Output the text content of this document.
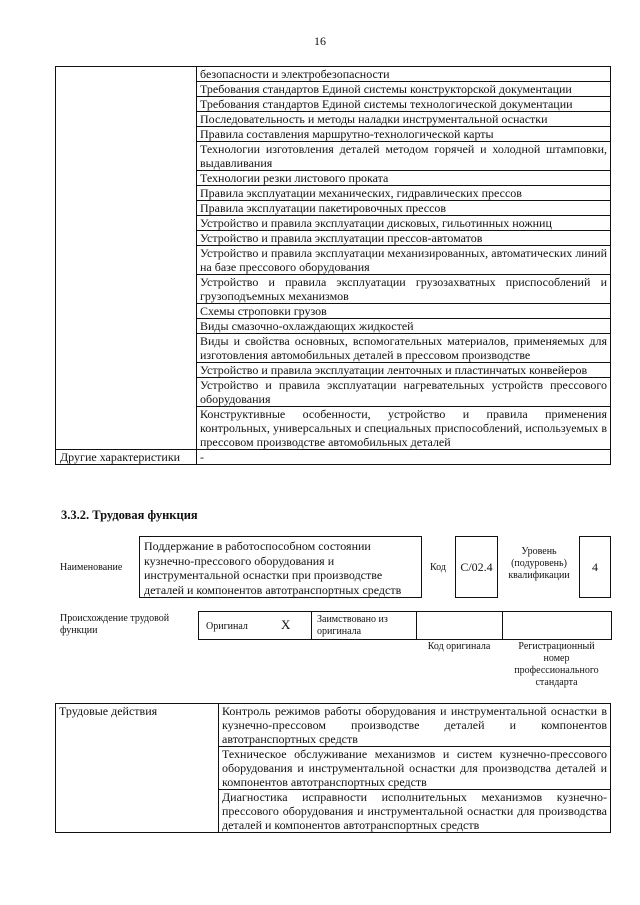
16
	безопасности и электробезопасности
	Требования стандартов Единой системы конструкторской документации
	Требования стандартов Единой системы технологической документации
	Последовательность и методы наладки инструментальной оснастки
	Правила составления маршрутно-технологической карты
	Технологии изготовления деталей методом горячей и холодной штамповки, выдавливания
	Технологии резки листового проката
	Правила эксплуатации механических, гидравлических прессов
	Правила эксплуатации пакетировочных прессов
	Устройство и правила эксплуатации дисковых, гильотинных ножниц
	Устройство и правила эксплуатации прессов-автоматов
	Устройство и правила эксплуатации механизированных, автоматических линий на базе прессового оборудования
	Устройство и правила эксплуатации грузозахватных приспособлений и грузоподъемных механизмов
	Схемы строповки грузов
	Виды смазочно-охлаждающих жидкостей
	Виды и свойства основных, вспомогательных материалов, применяемых для изготовления автомобильных деталей в прессовом производстве
	Устройство и правила эксплуатации ленточных и пластинчатых конвейеров
	Устройство и правила эксплуатации нагревательных устройств прессового оборудования
	Конструктивные особенности, устройство и правила применения контрольных, универсальных и специальных приспособлений, используемых в прессовом производстве автомобильных деталей
Другие характеристики	-
3.3.2. Трудовая функция
Наименование
Поддержание в работоспособном состоянии кузнечно-прессового оборудования и инструментальной оснастки при производстве деталей и компонентов автотранспортных средств
Код	C/02.4
Уровень (подуровень) квалификации
4
Происхождение трудовой функции	Оригинал	X	Заимствовано из оригинала
Код оригинала	Регистрационный номер профессионального стандарта
Трудовые действия	Контроль режимов работы оборудования и инструментальной оснастки в кузнечно-прессовом производстве деталей и компонентов автотранспортных средств
Техническое обслуживание механизмов и систем кузнечно-прессового оборудования и инструментальной оснастки для производства деталей и компонентов автотранспортных средств
Диагностика исправности исполнительных механизмов кузнечно-прессового оборудования и инструментальной оснастки для производства деталей и компонентов автотранспортных средств
